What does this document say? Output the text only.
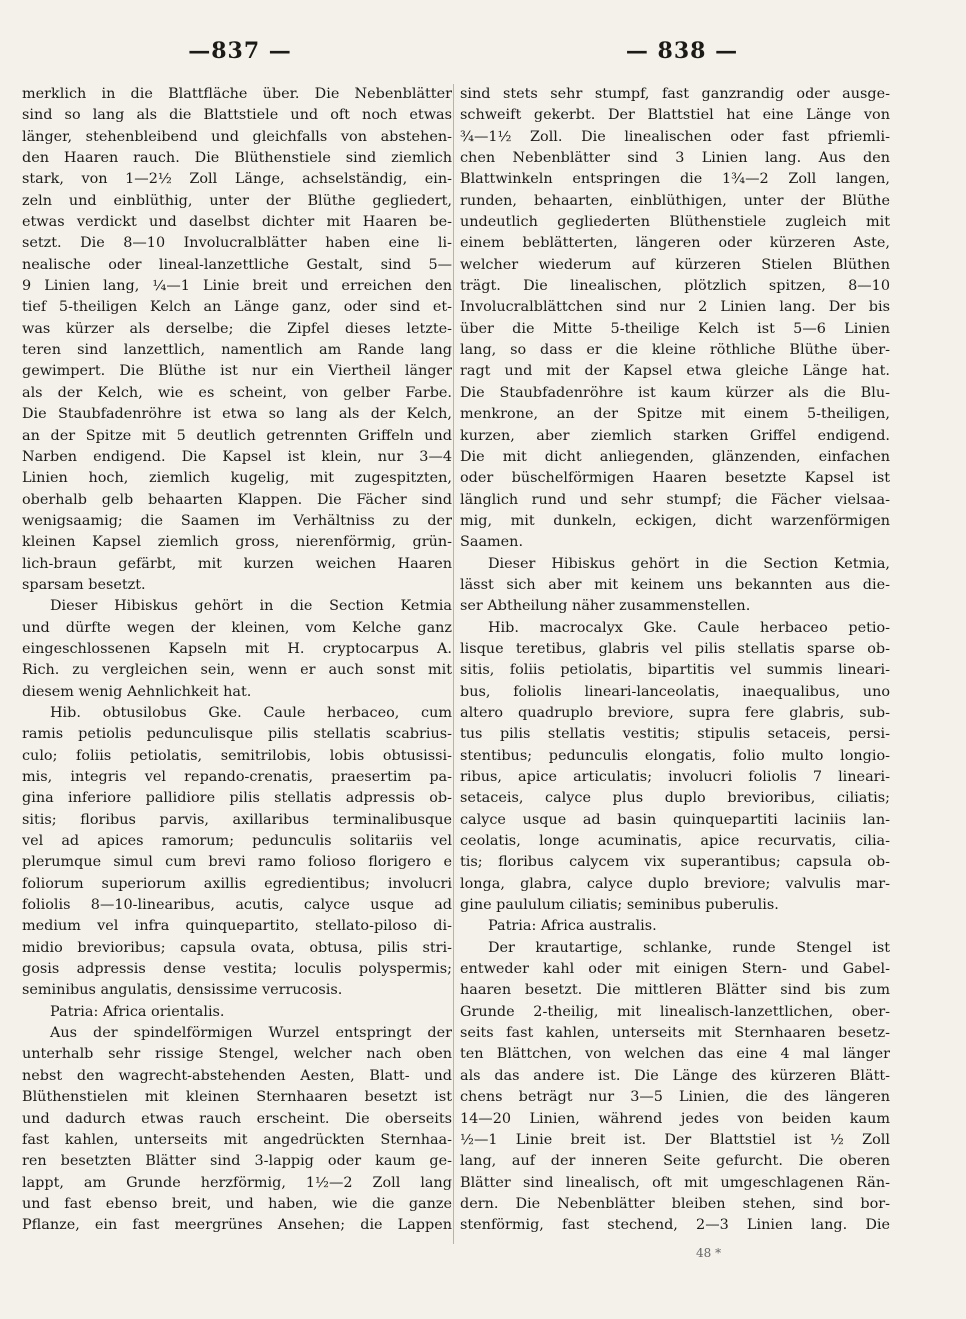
—837 —	— 838 —
merklich in die Blattfläche über. Die Nebenblätter
sind so lang als die Blattstiele und oft noch etwas
länger, stehenbleibend und gleichfalls von abstehen-
den Haaren rauch. Die Blüthenstiele sind ziemlich
stark, von 1—2½ Zoll Länge, achselständig, ein-
zeln und einblüthig, unter der Blüthe gegliedert,
etwas verdickt und daselbst dichter mit Haaren be-
setzt. Die 8—10 Involucralblätter haben eine li-
nealische oder lineal-lanzettliche Gestalt, sind 5—
9 Linien lang, ¼—1 Linie breit und erreichen den
tief 5-theiligen Kelch an Länge ganz, oder sind et-
was kürzer als derselbe; die Zipfel dieses letzte-
teren sind lanzettlich, namentlich am Rande lang
gewimpert. Die Blüthe ist nur ein Viertheil länger
als der Kelch, wie es scheint, von gelber Farbe.
Die Staubfadenröhre ist etwa so lang als der Kelch,
an der Spitze mit 5 deutlich getrennten Griffeln und
Narben endigend. Die Kapsel ist klein, nur 3—4
Linien hoch, ziemlich kugelig, mit zugespitzten,
oberhalb gelb behaarten Klappen. Die Fächer sind
wenigsaamig; die Saamen im Verhältniss zu der
kleinen Kapsel ziemlich gross, nierenförmig, grün-
lich-braun gefärbt, mit kurzen weichen Haaren
sparsam besetzt.
Dieser Hibiskus gehört in die Section Ketmia
und dürfte wegen der kleinen, vom Kelche ganz
eingeschlossenen Kapseln mit H. cryptocarpus A.
Rich. zu vergleichen sein, wenn er auch sonst mit
diesem wenig Aehnlichkeit hat.
Hib. obtusilobus Gke. Caule herbaceo, cum
ramis petiolis pedunculisque pilis stellatis scabrius-
culo; foliis petiolatis, semitrilobis, lobis obtusissi-
mis, integris vel repando-crenatis, praesertim pa-
gina inferiore pallidiore pilis stellatis adpressis ob-
sitis; floribus parvis, axillaribus terminalibusque
vel ad apices ramorum; pedunculis solitariis vel
plerumque simul cum brevi ramo folioso florigero e
foliorum superiorum axillis egredientibus; involucri
foliolis 8—10-linearibus, acutis, calyce usque ad
medium vel infra quinquepartito, stellato-piloso di-
midio brevioribus; capsula ovata, obtusa, pilis stri-
gosis adpressis dense vestita; loculis polyspermis;
seminibus angulatis, densissime verrucosis.
Patria: Africa orientalis.
Aus der spindelförmigen Wurzel entspringt der
unterhalb sehr rissige Stengel, welcher nach oben
nebst den wagrecht-abstehenden Aesten, Blatt- und
Blüthenstielen mit kleinen Sternhaaren besetzt ist
und dadurch etwas rauch erscheint. Die oberseits
fast kahlen, unterseits mit angedrückten Sternhaa-
ren besetzten Blätter sind 3-lappig oder kaum ge-
lappt, am Grunde herzförmig, 1½—2 Zoll lang
und fast ebenso breit, und haben, wie die ganze
Pflanze, ein fast meergrünes Ansehen; die Lappen
sind stets sehr stumpf, fast ganzrandig oder ausge-
schweift gekerbt. Der Blattstiel hat eine Länge von
¾—1½ Zoll. Die linealischen oder fast pfriemli-
chen Nebenblätter sind 3 Linien lang. Aus den
Blattwinkeln entspringen die 1¾—2 Zoll langen,
runden, behaarten, einblüthigen, unter der Blüthe
undeutlich gegliederten Blüthenstiele zugleich mit
einem beblätterten, längeren oder kürzeren Aste,
welcher wiederum auf kürzeren Stielen Blüthen
trägt. Die linealischen, plötzlich spitzen, 8—10
Involucralblättchen sind nur 2 Linien lang. Der bis
über die Mitte 5-theilige Kelch ist 5—6 Linien
lang, so dass er die kleine röthliche Blüthe über-
ragt und mit der Kapsel etwa gleiche Länge hat.
Die Staubfadenröhre ist kaum kürzer als die Blu-
menkrone, an der Spitze mit einem 5-theiligen,
kurzen, aber ziemlich starken Griffel endigend.
Die mit dicht anliegenden, glänzenden, einfachen
oder büschelförmigen Haaren besetzte Kapsel ist
länglich rund und sehr stumpf; die Fächer vielsaa-
mig, mit dunkeln, eckigen, dicht warzenförmigen
Saamen.
Dieser Hibiskus gehört in die Section Ketmia,
lässt sich aber mit keinem uns bekannten aus die-
ser Abtheilung näher zusammenstellen.
Hib. macrocalyx Gke. Caule herbaceo petio-
lisque teretibus, glabris vel pilis stellatis sparse ob-
sitis, foliis petiolatis, bipartitis vel summis lineari-
bus, foliolis lineari-lanceolatis, inaequalibus, uno
altero quadruplo breviore, supra fere glabris, sub-
tus pilis stellatis vestitis; stipulis setaceis, persi-
stentibus; pedunculis elongatis, folio multo longio-
ribus, apice articulatis; involucri foliolis 7 lineari-
setaceis, calyce plus duplo brevioribus, ciliatis;
calyce usque ad basin quinquepartiti laciniis lan-
ceolatis, longe acuminatis, apice recurvatis, cilia-
tis; floribus calycem vix superantibus; capsula ob-
longa, glabra, calyce duplo breviore; valvulis mar-
gine paululum ciliatis; seminibus puberulis.
Patria: Africa australis.
Der krautartige, schlanke, runde Stengel ist
entweder kahl oder mit einigen Stern- und Gabel-
haaren besetzt. Die mittleren Blätter sind bis zum
Grunde 2-theilig, mit linealisch-lanzettlichen, ober-
seits fast kahlen, unterseits mit Sternhaaren besetz-
ten Blättchen, von welchen das eine 4 mal länger
als das andere ist. Die Länge des kürzeren Blätt-
chens beträgt nur 3—5 Linien, die des längeren
14—20 Linien, während jedes von beiden kaum
½—1 Linie breit ist. Der Blattstiel ist ½ Zoll
lang, auf der inneren Seite gefurcht. Die oberen
Blätter sind linealisch, oft mit umgeschlagenen Rän-
dern. Die Nebenblätter bleiben stehen, sind bor-
stenförmig, fast stechend, 2—3 Linien lang. Die
48 *
